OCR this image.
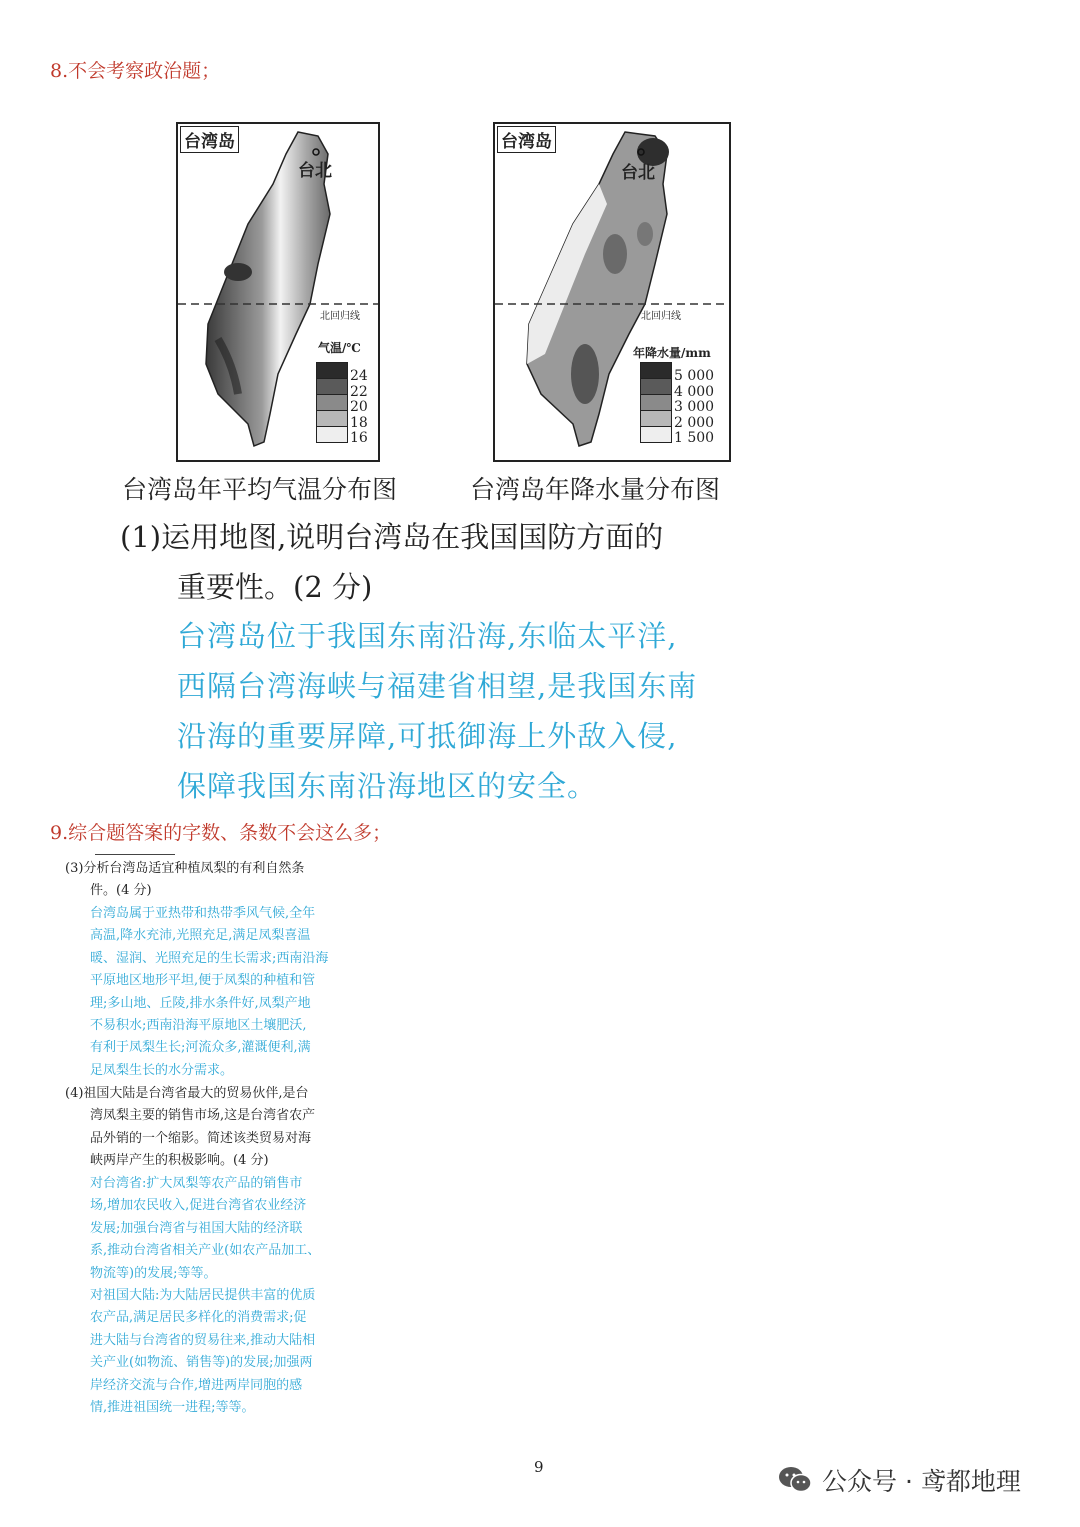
8.不会考察政治题；
台湾岛
台北
北回归线
气温/℃
24
22
20
18
16
台湾岛
台北
北回归线
年降水量/mm
5 000
4 000
3 000
2 000
1 500
台湾岛年平均气温分布图	台湾岛年降水量分布图
(1)运用地图,说明台湾岛在我国国防方面的
重要性。(2 分)
台湾岛位于我国东南沿海,东临太平洋,
西隔台湾海峡与福建省相望,是我国东南
沿海的重要屏障,可抵御海上外敌入侵,
保障我国东南沿海地区的安全。
9.综合题答案的字数、条数不会这么多；
(3)分析台湾岛适宜种植凤梨的有利自然条
件。(4 分)
台湾岛属于亚热带和热带季风气候,全年
高温,降水充沛,光照充足,满足凤梨喜温
暖、湿润、光照充足的生长需求;西南沿海
平原地区地形平坦,便于凤梨的种植和管
理;多山地、丘陵,排水条件好,凤梨产地
不易积水;西南沿海平原地区土壤肥沃,
有利于凤梨生长;河流众多,灌溉便利,满
足凤梨生长的水分需求。
(4)祖国大陆是台湾省最大的贸易伙伴,是台
湾凤梨主要的销售市场,这是台湾省农产
品外销的一个缩影。简述该类贸易对海
峡两岸产生的积极影响。(4 分)
对台湾省:扩大凤梨等农产品的销售市
场,增加农民收入,促进台湾省农业经济
发展;加强台湾省与祖国大陆的经济联
系,推动台湾省相关产业(如农产品加工、
物流等)的发展;等等。
对祖国大陆:为大陆居民提供丰富的优质
农产品,满足居民多样化的消费需求;促
进大陆与台湾省的贸易往来,推动大陆相
关产业(如物流、销售等)的发展;加强两
岸经济交流与合作,增进两岸同胞的感
情,推进祖国统一进程;等等。
9	公众号 · 鸢都地理
